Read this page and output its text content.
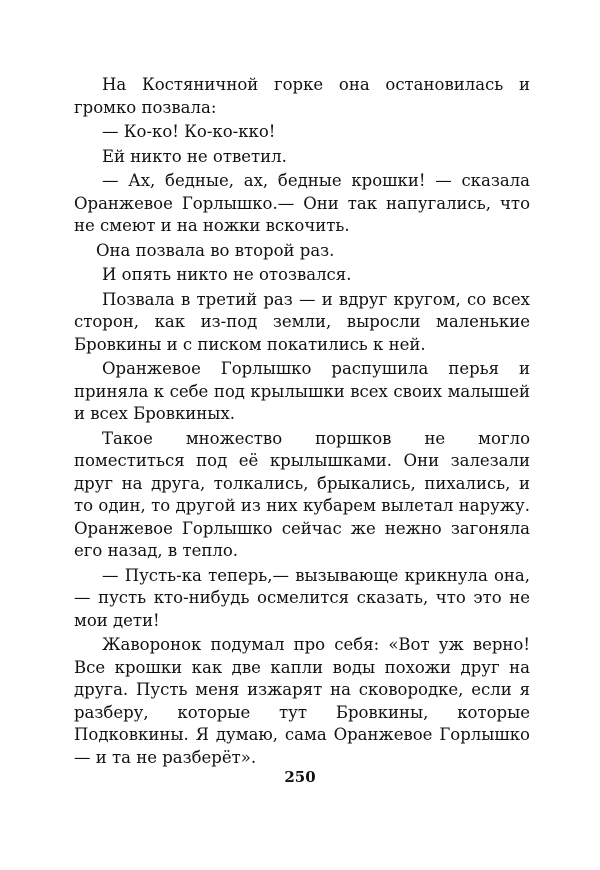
На Костяничной горке она остановилась и громко позвала:

— Ко-ко! Ко-ко-кко!

Ей никто не ответил.

— Ах, бедные, ах, бедные крошки! — сказала Оранжевое Горлышко.— Они так напугались, что не смеют и на ножки вскочить.

Она позвала во второй раз.

И опять никто не отозвался.

Позвала в третий раз — и вдруг кругом, со всех сторон, как из-под земли, выросли маленькие Бровкины и с писком покатились к ней.

Оранжевое Горлышко распушила перья и приняла к себе под крылышки всех своих малышей и всех Бровкиных.

Такое множество поршков не могло поместиться под её крылышками. Они залезали друг на друга, толкались, брыкались, пихались, и то один, то другой из них кубарем вылетал наружу. Оранжевое Горлышко сейчас же нежно загоняла его назад, в тепло.

— Пусть-ка теперь,— вызывающе крикнула она,— пусть кто-нибудь осмелится сказать, что это не мои дети!

Жаворонок подумал про себя: «Вот уж верно! Все крошки как две капли воды похожи друг на друга. Пусть меня изжарят на сковородке, если я разберу, которые тут Бровкины, которые Подковкины. Я думаю, сама Оранжевое Горлышко — и та не разберёт».

250
